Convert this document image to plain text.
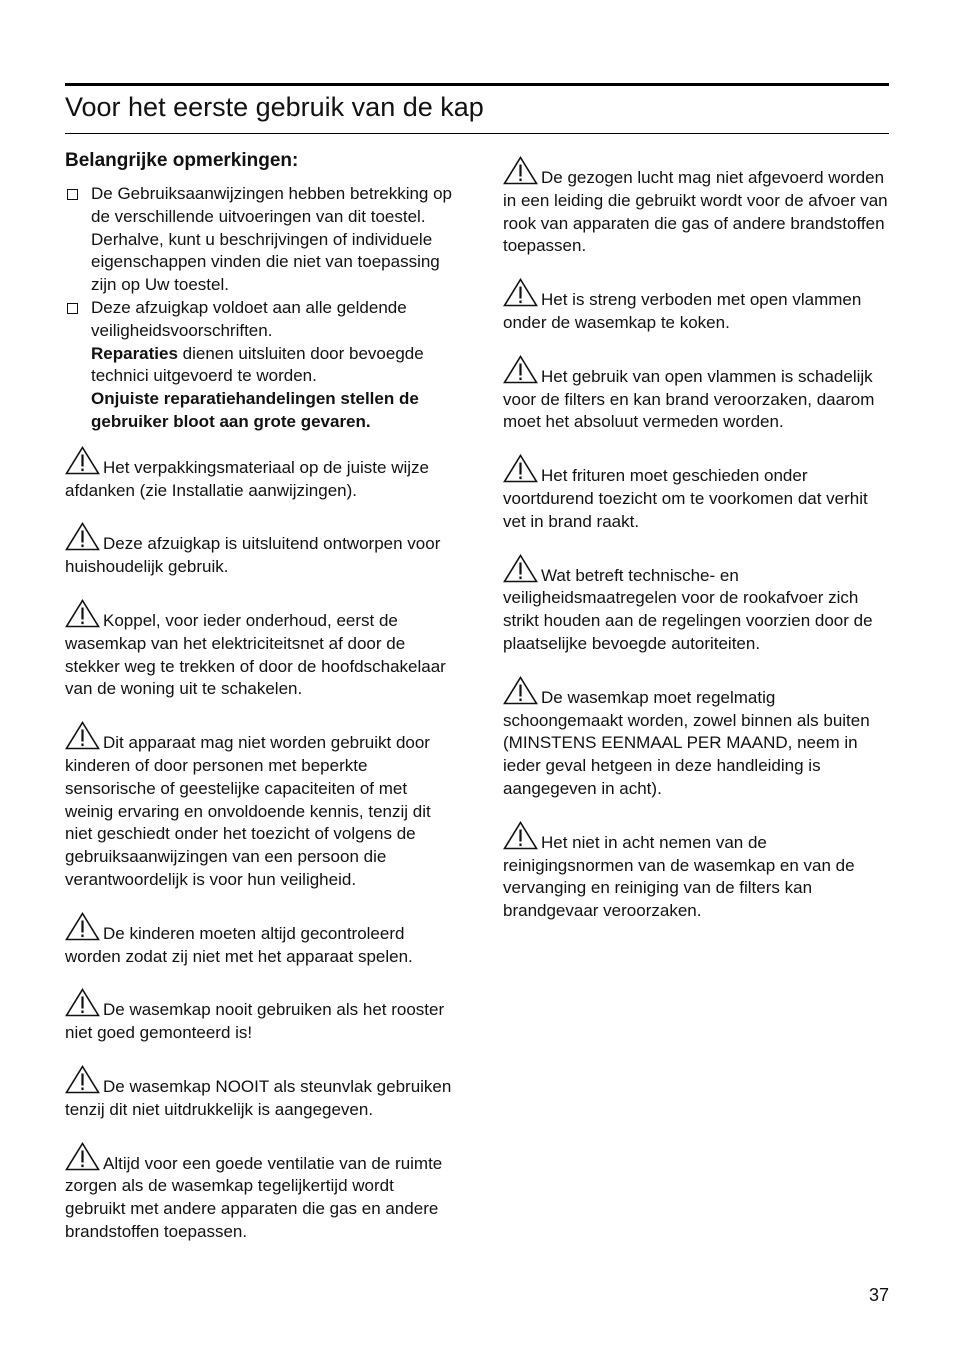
Voor het eerste gebruik van de kap
Belangrijke opmerkingen:
De Gebruiksaanwijzingen hebben betrekking op de verschillende uitvoeringen van dit toestel. Derhalve, kunt u beschrijvingen of individuele eigenschappen vinden die niet van toepassing zijn op Uw toestel.
Deze afzuigkap voldoet aan alle geldende veiligheidsvoorschriften.
Reparaties dienen uitsluiten door bevoegde technici uitgevoerd te worden.
Onjuiste reparatiehandelingen stellen de gebruiker bloot aan grote gevaren.
Het verpakkingsmateriaal op de juiste wijze afdanken (zie Installatie aanwijzingen).
Deze afzuigkap is uitsluitend ontworpen voor huishoudelijk gebruik.
Koppel, voor ieder onderhoud, eerst de wasemkap van het elektriciteitsnet af door de stekker weg te trekken of door de hoofdschakelaar van de woning uit te schakelen.
Dit apparaat mag niet worden gebruikt door kinderen of door personen met beperkte sensorische of geestelijke capaciteiten of met weinig ervaring en onvoldoende kennis, tenzij dit niet geschiedt onder het toezicht of volgens de gebruiksaanwijzingen van een persoon die verantwoordelijk is voor hun veiligheid.
De kinderen moeten altijd gecontroleerd worden zodat zij niet met het apparaat spelen.
De wasemkap nooit gebruiken als het rooster niet goed gemonteerd is!
De wasemkap NOOIT als steunvlak gebruiken tenzij dit niet uitdrukkelijk is aangegeven.
Altijd voor een goede ventilatie van de ruimte zorgen als de wasemkap tegelijkertijd wordt gebruikt met andere apparaten die gas en andere brandstoffen toepassen.
De gezogen lucht mag niet afgevoerd worden in een leiding die gebruikt wordt voor de afvoer van rook van apparaten die gas of andere brandstoffen toepassen.
Het is streng verboden met open vlammen onder de wasemkap te koken.
Het gebruik van open vlammen is schadelijk voor de filters en kan brand veroorzaken, daarom moet het absoluut vermeden worden.
Het frituren moet geschieden onder voortdurend toezicht om te voorkomen dat verhit vet in brand raakt.
Wat betreft technische- en veiligheidsmaatregelen voor de rookafvoer zich strikt houden aan de regelingen voorzien door de plaatselijke bevoegde autoriteiten.
De wasemkap moet regelmatig schoongemaakt worden, zowel binnen als buiten (MINSTENS EENMAAL PER MAAND, neem in ieder geval hetgeen in deze handleiding is aangegeven in acht).
Het niet in acht nemen van de reinigingsnormen van de wasemkap en van de vervanging en reiniging van de filters kan brandgevaar veroorzaken.
37
